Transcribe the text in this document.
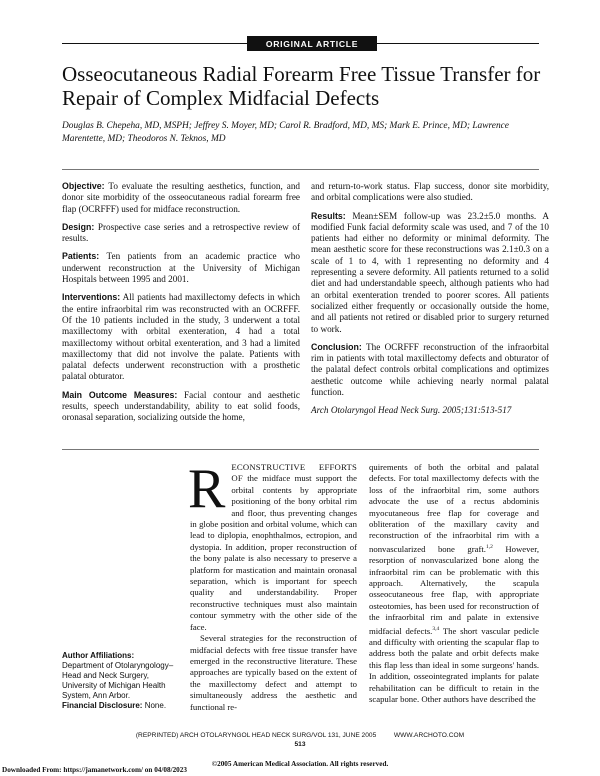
ORIGINAL ARTICLE
Osseocutaneous Radial Forearm Free Tissue Transfer for Repair of Complex Midfacial Defects

Douglas B. Chepeha, MD, MSPH; Jeffrey S. Moyer, MD; Carol R. Bradford, MD, MS; Mark E. Prince, MD; Lawrence Marentette, MD; Theodoros N. Teknos, MD

Objective: To evaluate the resulting aesthetics, function, and donor site morbidity of the osseocutaneous radial forearm free flap (OCRFFF) used for midface reconstruction.

Design: Prospective case series and a retrospective review of results.

Patients: Ten patients from an academic practice who underwent reconstruction at the University of Michigan Hospitals between 1995 and 2001.

Interventions: All patients had maxillectomy defects in which the entire infraorbital rim was reconstructed with an OCRFFF. Of the 10 patients included in the study, 3 underwent a total maxillectomy with orbital exenteration, 4 had a total maxillectomy without orbital exenteration, and 3 had a limited maxillectomy that did not involve the palate. Patients with palatal defects underwent reconstruction with a prosthetic palatal obturator.

Main Outcome Measures: Facial contour and aesthetic results, speech understandability, ability to eat solid foods, oronasal separation, socializing outside the home,

and return-to-work status. Flap success, donor site morbidity, and orbital complications were also studied.

Results: Mean±SEM follow-up was 23.2±5.0 months. A modified Funk facial deformity scale was used, and 7 of the 10 patients had either no deformity or minimal deformity. The mean aesthetic score for these reconstructions was 2.1±0.3 on a scale of 1 to 4, with 1 representing no deformity and 4 representing a severe deformity. All patients returned to a solid diet and had understandable speech, although patients who had an orbital exenteration trended to poorer scores. All patients socialized either frequently or occasionally outside the home, and all patients not retired or disabled prior to surgery returned to work.

Conclusion: The OCRFFF reconstruction of the infraorbital rim in patients with total maxillectomy defects and obturator of the palatal defect controls orbital complications and optimizes aesthetic outcome while achieving nearly normal palatal function.

Arch Otolaryngol Head Neck Surg. 2005;131:513-517

RECONSTRUCTIVE EFFORTS OF the midface must support the orbital contents by appropriate positioning of the bony orbital rim and floor, thus preventing changes in globe position and orbital volume, which can lead to diplopia, enophthalmos, ectropion, and dystopia. In addition, proper reconstruction of the bony palate is also necessary to preserve a platform for mastication and maintain oronasal separation, which is important for speech quality and understandability. Proper reconstructive techniques must also maintain contour symmetry with the other side of the face.

Several strategies for the reconstruction of midfacial defects with free tissue transfer have emerged in the reconstructive literature. These approaches are typically based on the extent of the maxillectomy defect and attempt to simultaneously address the aesthetic and functional re-

quirements of both the orbital and palatal defects. For total maxillectomy defects with the loss of the infraorbital rim, some authors advocate the use of a rectus abdominis myocutaneous free flap for coverage and obliteration of the maxillary cavity and reconstruction of the infraorbital rim with a nonvascularized bone graft.$^{1,2}$ However, resorption of nonvascularized bone along the infraorbital rim can be problematic with this approach. Alternatively, the scapula osseocutaneous free flap, with appropriate osteotomies, has been used for reconstruction of the infraorbital rim and palate in extensive midfacial defects.$^{3,4}$ The short vascular pedicle and difficulty with orienting the scapular flap to address both the palate and orbit defects make this flap less than ideal in some surgeons' hands. In addition, osseointegrated implants for palate rehabilitation can be difficult to retain in the scapular bone. Other authors have described the

Author Affiliations:
Department of Otolaryngology–Head and Neck Surgery, University of Michigan Health System, Ann Arbor.
Financial Disclosure: None.
(REPRINTED) ARCH OTOLARYNGOL HEAD NECK SURG/VOL 131, JUNE 2005	WWW.ARCHOTO.COM
513
©2005 American Medical Association. All rights reserved.
Downloaded From: https://jamanetwork.com/ on 04/08/2023
